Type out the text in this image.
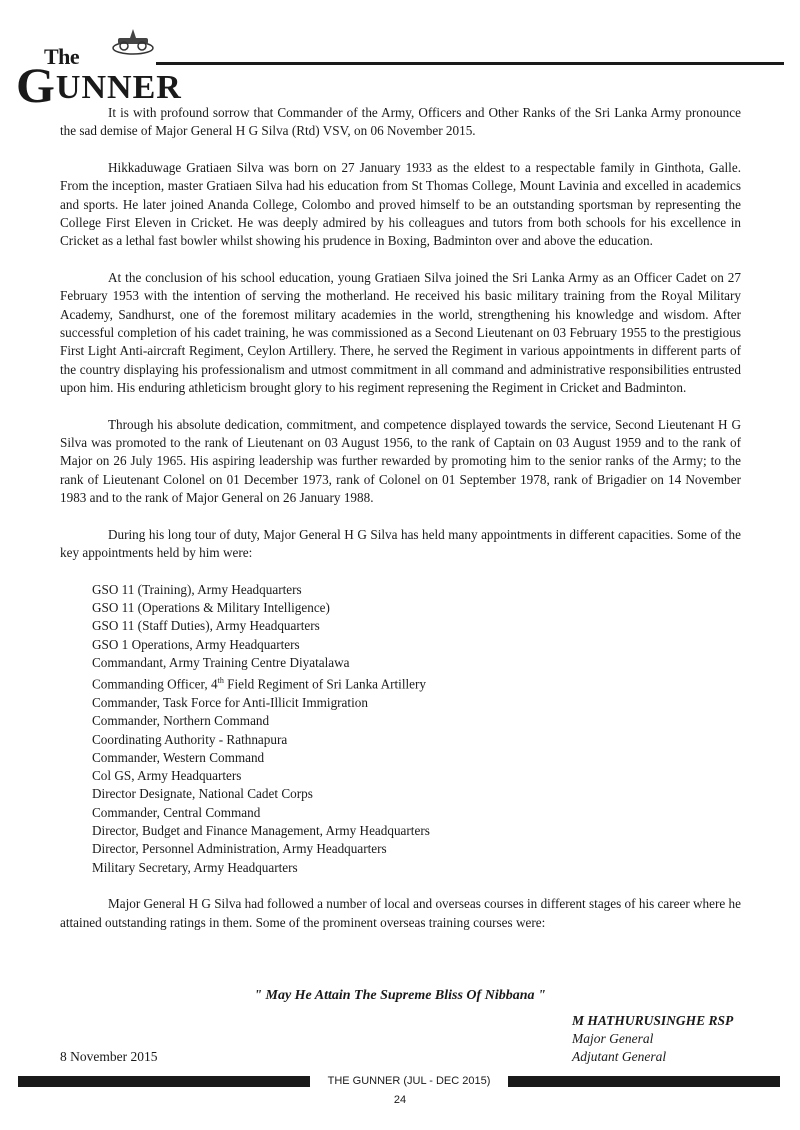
The
GUNNER

It is with profound sorrow that Commander of the Army, Officers and Other Ranks of the Sri Lanka Army pronounce the sad demise of Major General H G Silva (Rtd) VSV, on 06 November 2015.

Hikkaduwage Gratiaen Silva was born on 27 January 1933 as the eldest to a respectable family in Ginthota, Galle. From the inception, master Gratiaen Silva had his education from St Thomas College, Mount Lavinia and excelled in academics and sports. He later joined Ananda College, Colombo and proved himself to be an outstanding sportsman by representing the College First Eleven in Cricket. He was deeply admired by his colleagues and tutors from both schools for his excellence in Cricket as a lethal fast bowler whilst showing his prudence in Boxing, Badminton over and above the education.

At the conclusion of his school education, young Gratiaen Silva joined the Sri Lanka Army as an Officer Cadet on 27 February 1953 with the intention of serving the motherland. He received his basic military training from the Royal Military Academy, Sandhurst, one of the foremost military academies in the world, strengthening his knowledge and wisdom. After successful completion of his cadet training, he was commissioned as a Second Lieutenant on 03 February 1955 to the prestigious First Light Anti-aircraft Regiment, Ceylon Artillery. There, he served the Regiment in various appointments in different parts of the country displaying his professionalism and utmost commitment in all command and administrative responsibilities entrusted upon him. His enduring athleticism brought glory to his regiment represening the Regiment in Cricket and Badminton.

Through his absolute dedication, commitment, and competence displayed towards the service, Second Lieutenant H G Silva was promoted to the rank of Lieutenant on 03 August 1956, to the rank of Captain on 03 August 1959 and to the rank of Major on 26 July 1965. His aspiring leadership was further rewarded by promoting him to the senior ranks of the Army; to the rank of Lieutenant Colonel on 01 December 1973, rank of Colonel on 01 September 1978, rank of Brigadier on 14 November 1983 and to the rank of Major General on 26 January 1988.

During his long tour of duty, Major General H G Silva has held many appointments in different capacities. Some of the key appointments held by him were:

GSO 11 (Training), Army Headquarters
GSO 11 (Operations & Military Intelligence)
GSO 11 (Staff Duties), Army Headquarters
GSO 1 Operations, Army Headquarters
Commandant, Army Training Centre Diyatalawa
Commanding Officer, 4th Field Regiment of Sri Lanka Artillery
Commander, Task Force for Anti-Illicit Immigration
Commander, Northern Command
Coordinating Authority - Rathnapura
Commander, Western Command
Col GS, Army Headquarters
Director Designate, National Cadet Corps
Commander, Central Command
Director, Budget and Finance Management, Army Headquarters
Director, Personnel Administration, Army Headquarters
Military Secretary, Army Headquarters

Major General H G Silva had followed a number of local and overseas courses in different stages of his career where he attained outstanding ratings in them. Some of the prominent overseas training courses were:

" May He Attain The Supreme Bliss Of Nibbana "
M HATHURUSINGHE RSP
Major General
Adjutant General
8 November 2015
THE GUNNER (JUL - DEC 2015)
24
